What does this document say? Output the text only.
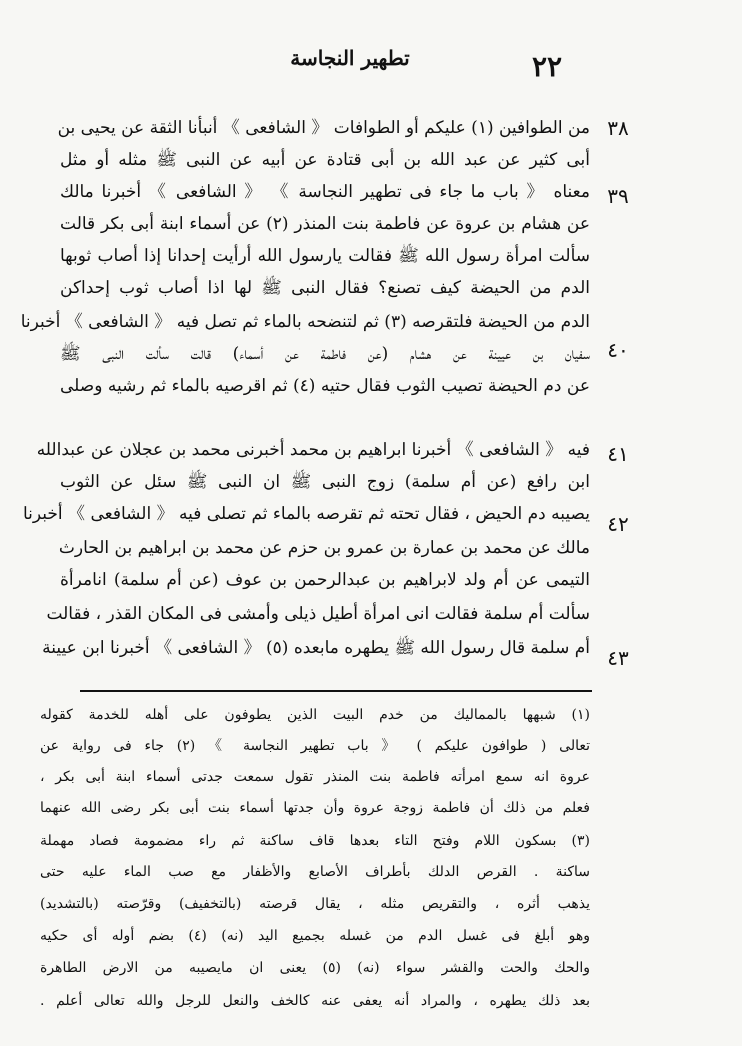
تطهير النجاسة	٢٢
٣٨
من الطوافين (١) عليكم أو الطوافات 《 الشافعى 》 أنبأنا الثقة عن يحيى بن
أبى كثير عن عبد الله بن أبى قتادة عن أبيه عن النبى ﷺ مثله أو مثل
٣٩
معناه 《 باب ما جاء فى تطهير النجاسة 》 《 الشافعى 》 أخبرنا مالك
عن هشام بن عروة عن فاطمة بنت المنذر (٢) عن أسماء ابنة أبى بكر قالت
سألت امرأة رسول الله ﷺ فقالت يارسول الله أرأيت إحدانا إذا أصاب ثوبها
الدم من الحيضة كيف تصنع؟ فقال النبى ﷺ لها اذا أصاب ثوب إحداكن
٤٠
الدم من الحيضة فلتقرصه (٣) ثم لتنضحه بالماء ثم تصل فيه 《 الشافعى 》 أخبرنا
سفيان بن عيينة عن هشام (عن فاطمة عن أسماء) قالت سألت النبى ﷺ
عن دم الحيضة تصيب الثوب فقال حتيه (٤) ثم اقرصيه بالماء ثم رشيه وصلى
٤١
فيه 《 الشافعى 》 أخبرنا ابراهيم بن محمد أخبرنى محمد بن عجلان عن عبدالله
ابن رافع (عن أم سلمة) زوج النبى ﷺ ان النبى ﷺ سئل عن الثوب
٤٢
يصيبه دم الحيض ، فقال تحته ثم تقرصه بالماء ثم تصلى فيه 《 الشافعى 》 أخبرنا
مالك عن محمد بن عمارة بن عمرو بن حزم عن محمد بن ابراهيم بن الحارث
التيمى عن أم ولد لابراهيم بن عبدالرحمن بن عوف (عن أم سلمة) انامرأة
سألت أم سلمة فقالت انى امرأة أطيل ذيلى وأمشى فى المكان القذر ، فقالت
٤٣
أم سلمة قال رسول الله ﷺ يطهره مابعده (٥) 《 الشافعى 》 أخبرنا ابن عيينة
(١) شبهها بالمماليك من خدم البيت الذين يطوفون على أهله للخدمة كقوله
تعالى ( طوافون عليكم ) 《 باب تطهير النجاسة 》 (٢) جاء فى رواية عن
عروة انه سمع امرأته فاطمة بنت المنذر تقول سمعت جدتى أسماء ابنة أبى بكر ،
فعلم من ذلك أن فاطمة زوجة عروة وأن جدتها أسماء بنت أبى بكر رضى الله عنهما
(٣) بسكون اللام وفتح التاء بعدها قاف ساكنة ثم راء مضمومة فصاد مهملة
ساكنة . القرص الدلك بأطراف الأصابع والأظفار مع صب الماء عليه حتى
يذهب أثره ، والتقريص مثله ، يقال قرصته (بالتخفيف) وقرّصته (بالتشديد)
وهو أبلغ فى غسل الدم من غسله بجميع اليد (نه) (٤) بضم أوله أى حكيه
والحك والحت والقشر سواء (نه) (٥) يعنى ان مايصيبه من الارض الطاهرة
بعد ذلك يطهره ، والمراد أنه يعفى عنه كالخف والنعل للرجل والله تعالى أعلم .
